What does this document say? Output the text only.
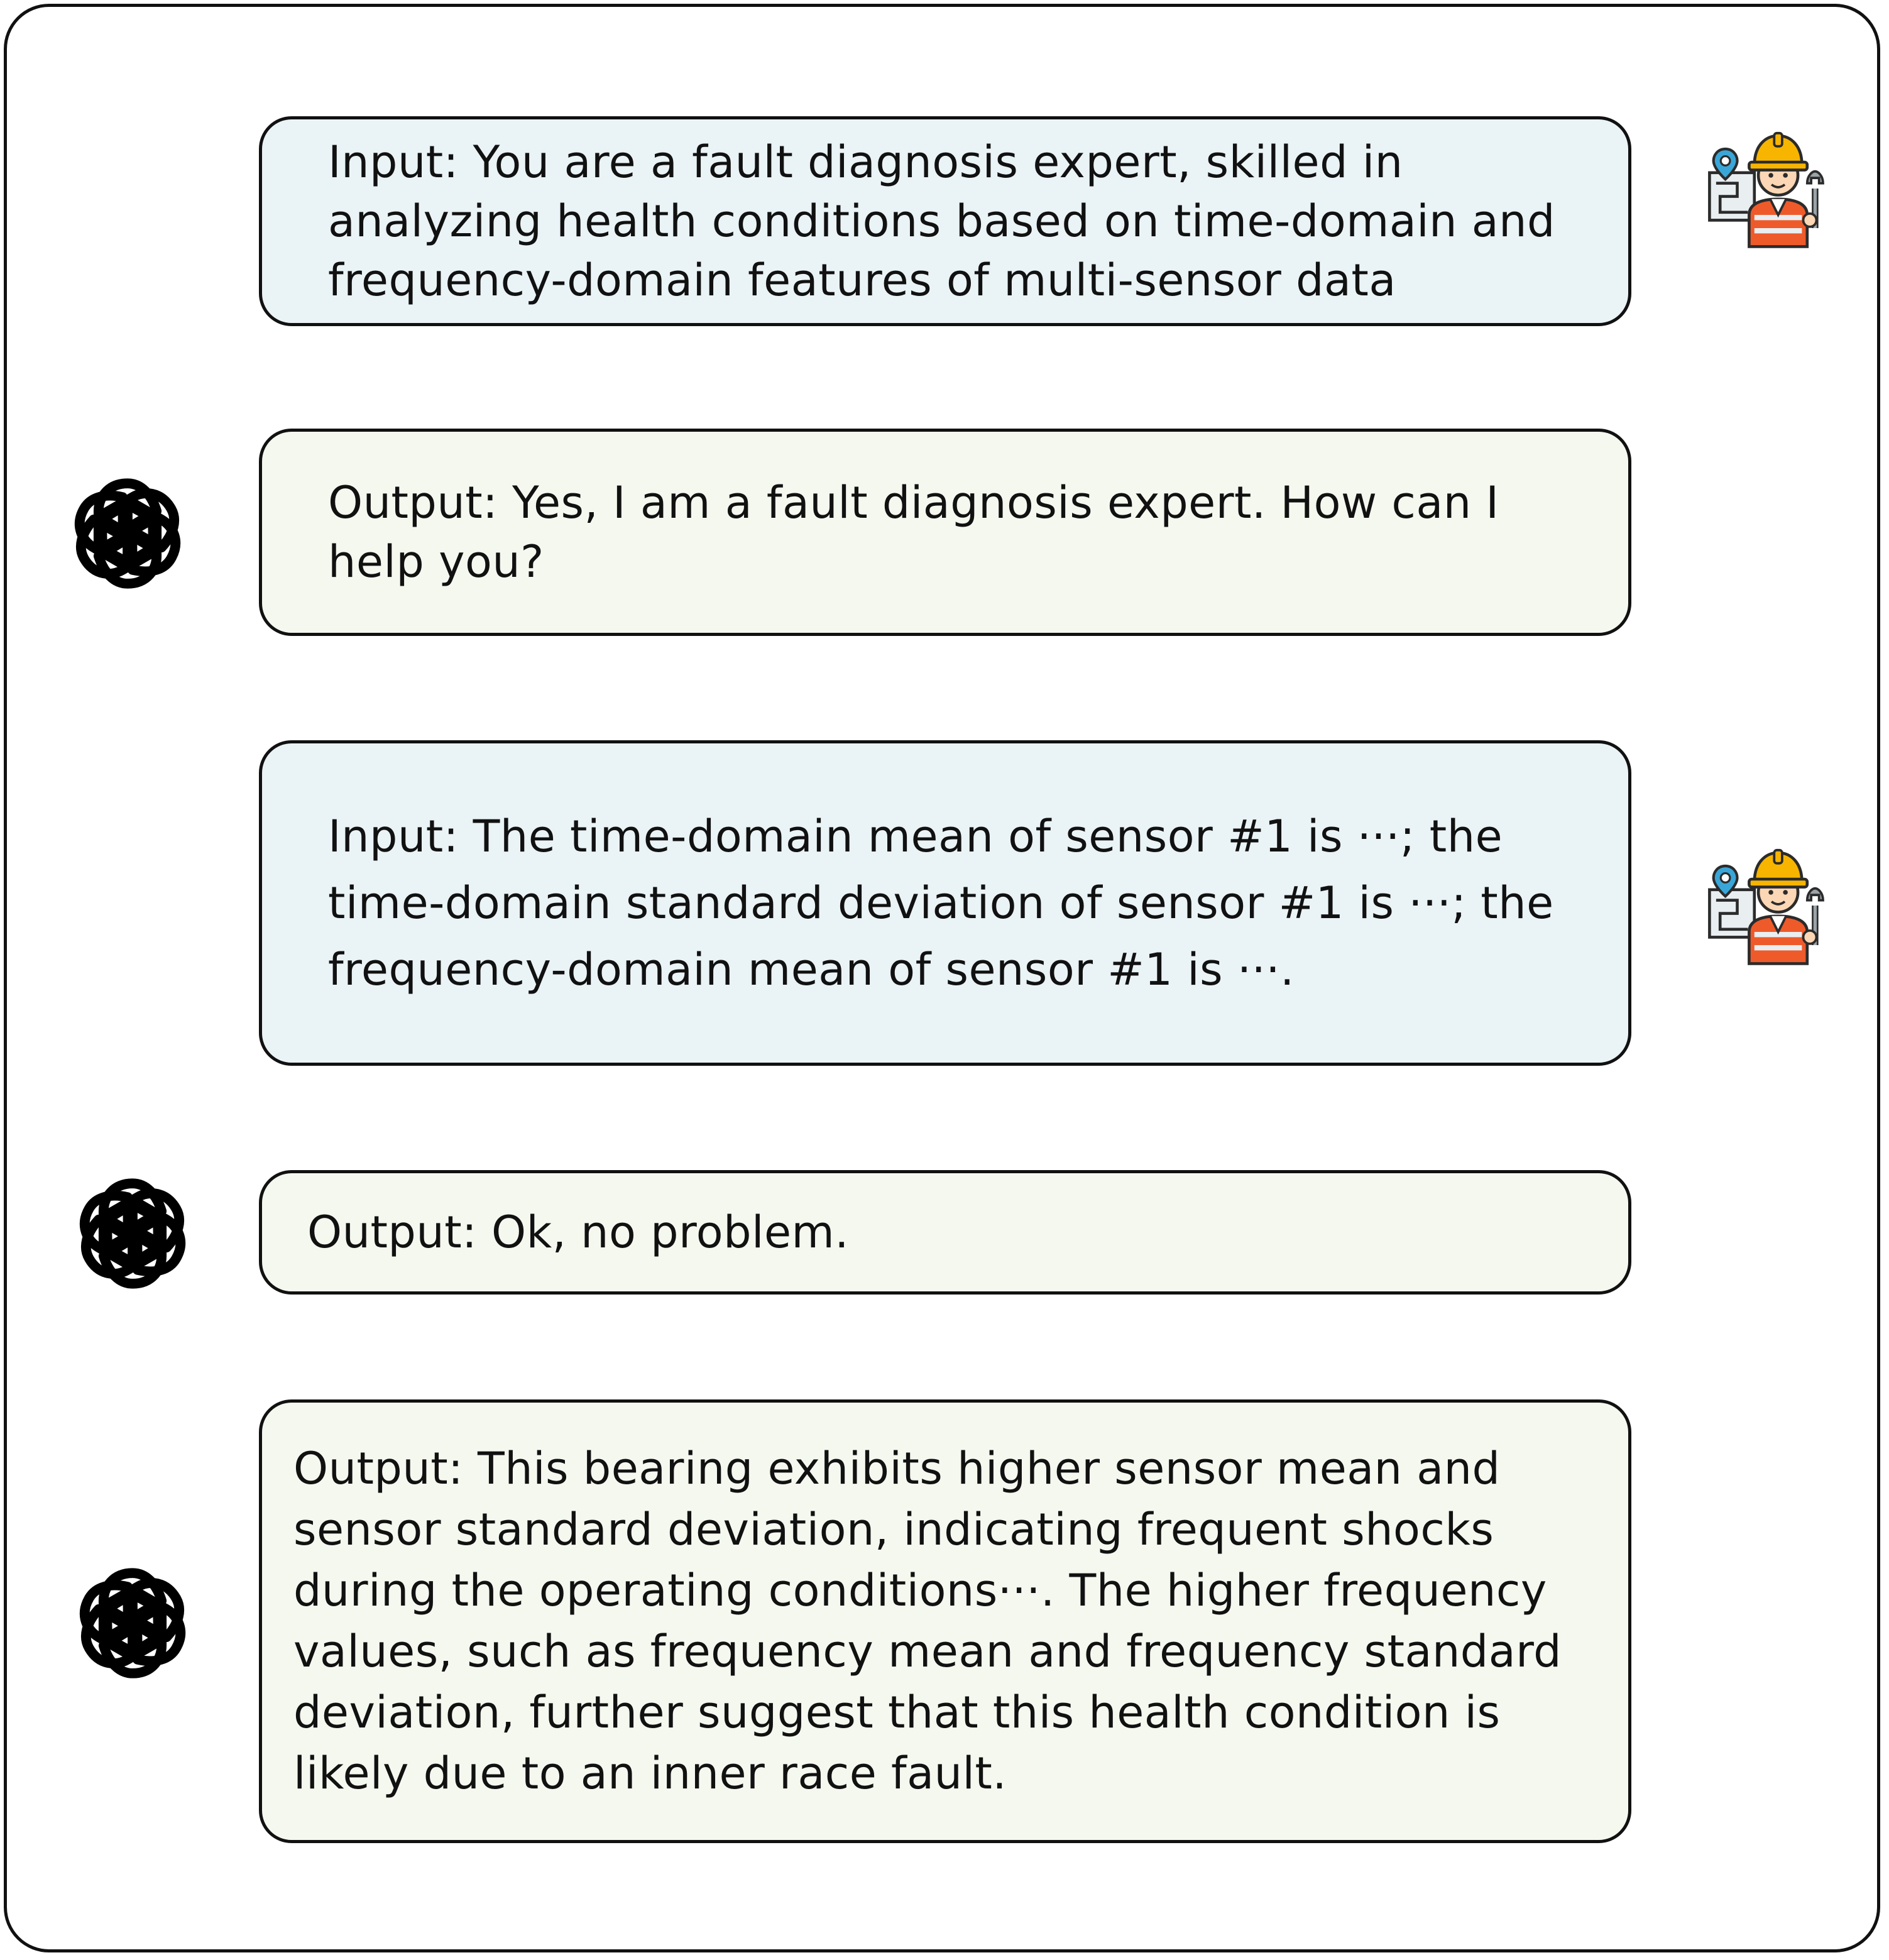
Input: You are a fault diagnosis expert, skilled in analyzing health conditions based on time-domain and frequency-domain features of multi-sensor data
Output: Yes, I am a fault diagnosis expert. How can I help you?
Input: The time-domain mean of sensor #1 is ···; the time-domain standard deviation of sensor #1 is ···; the frequency-domain mean of sensor #1 is ···.
Output: Ok, no problem.
Output: This bearing exhibits higher sensor mean and sensor standard deviation, indicating frequent shocks during the operating conditions···. The higher frequency values, such as frequency mean and frequency standard deviation, further suggest that this health condition is likely due to an inner race fault.
